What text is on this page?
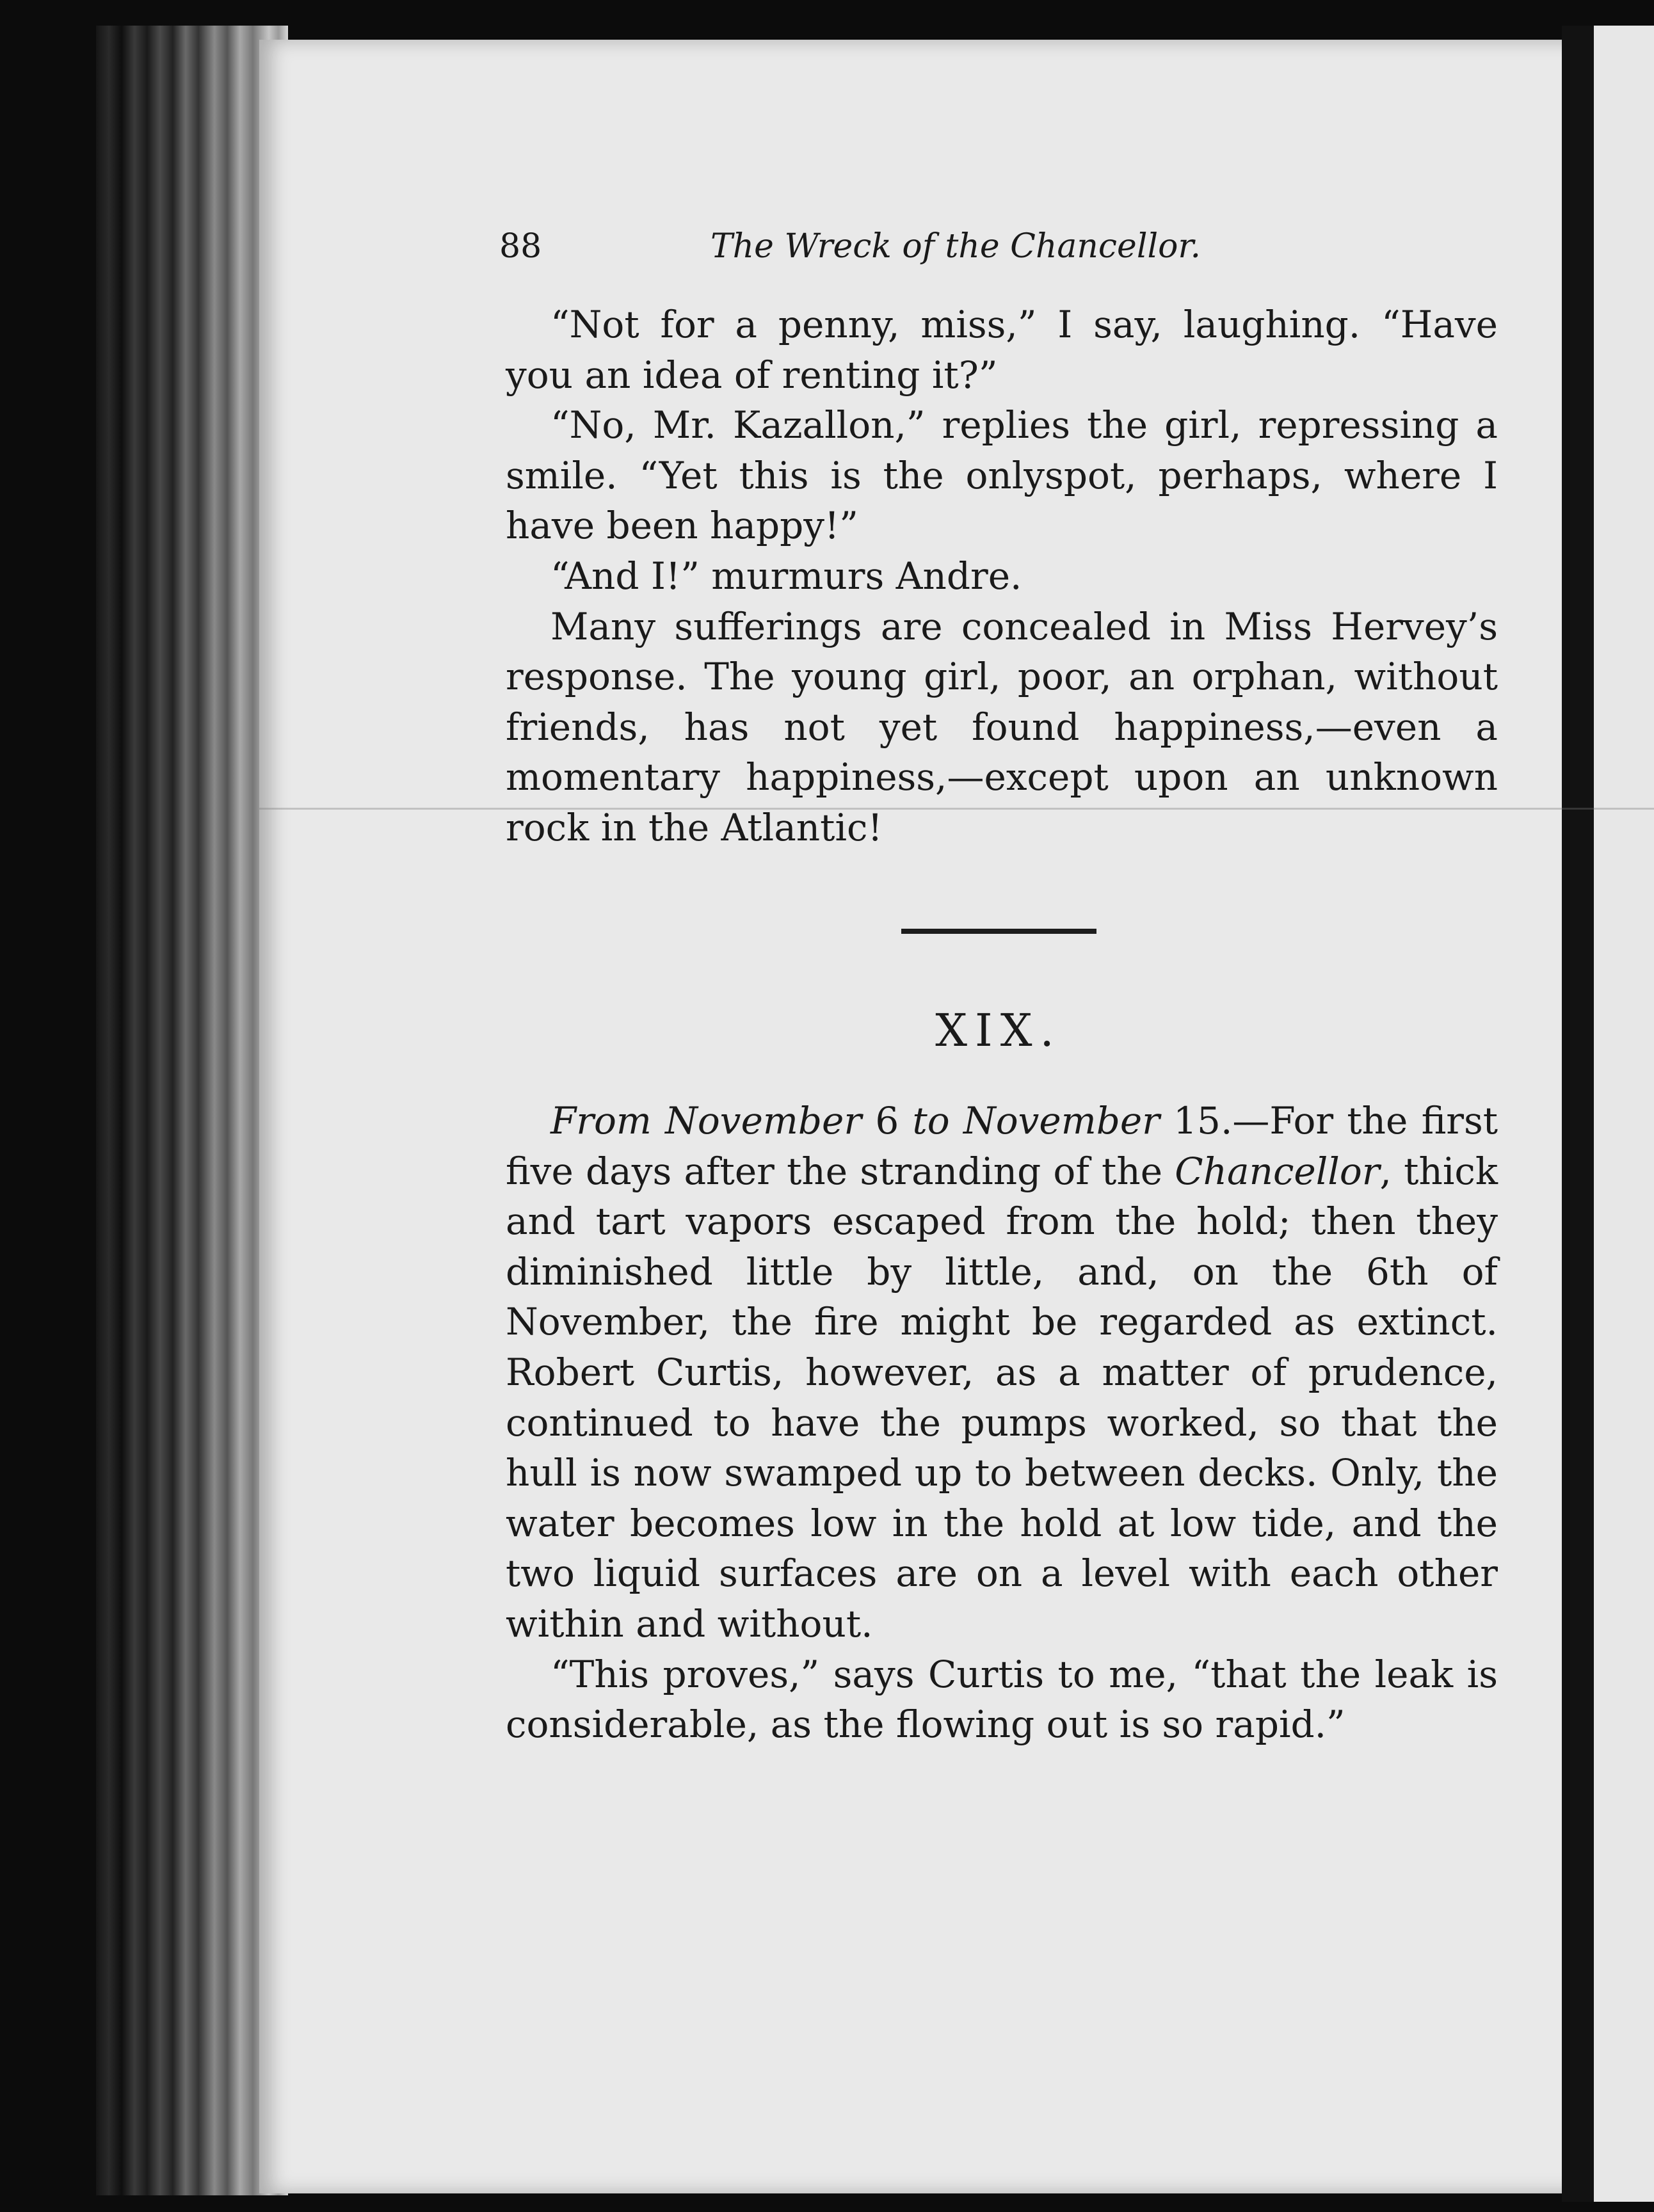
88	The Wreck of the Chancellor.

“Not for a penny, miss,” I say, laughing. “Have you an idea of renting it?”

“No, Mr. Kazallon,” replies the girl, repressing a smile. “Yet this is the onlyspot, perhaps, where I have been happy!”

“And I!” murmurs Andre.

Many sufferings are concealed in Miss Hervey’s response. The young girl, poor, an orphan, without friends, has not yet found happiness,—even a momentary happiness,—except upon an unknown rock in the Atlantic!

XIX.

From November 6 to November 15.—For the first five days after the stranding of the Chancellor, thick and tart vapors escaped from the hold; then they diminished little by little, and, on the 6th of November, the fire might be regarded as extinct. Robert Curtis, however, as a matter of prudence, continued to have the pumps worked, so that the hull is now swamped up to between decks. Only, the water becomes low in the hold at low tide, and the two liquid surfaces are on a level with each other within and without.

“This proves,” says Curtis to me, “that the leak is considerable, as the flowing out is so rapid.”
